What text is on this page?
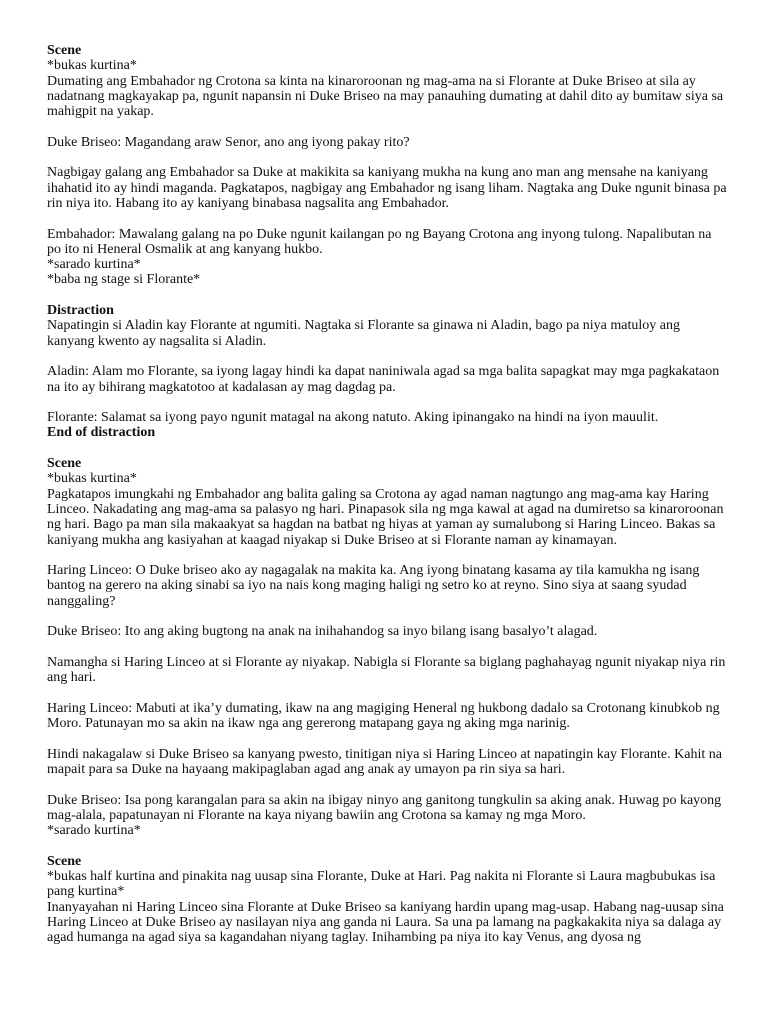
Scene
*bukas kurtina*
Dumating ang Embahador ng Crotona sa kinta na kinaroroonan ng mag-ama na si Florante at Duke Briseo at sila ay nadatnang magkayakap pa, ngunit napansin ni Duke Briseo na may panauhing dumating at dahil dito ay bumitaw siya sa mahigpit na yakap.
Duke Briseo: Magandang araw Senor, ano ang iyong pakay rito?
Nagbigay galang ang Embahador sa Duke at makikita sa kaniyang mukha na kung ano man ang mensahe na kaniyang ihahatid ito ay hindi maganda. Pagkatapos, nagbigay ang Embahador ng isang liham. Nagtaka ang Duke ngunit binasa pa rin niya ito. Habang ito ay kaniyang binabasa nagsalita ang Embahador.
Embahador: Mawalang galang na po Duke ngunit kailangan po ng Bayang Crotona ang inyong tulong. Napalibutan na po ito ni Heneral Osmalik at ang kanyang hukbo.
*sarado kurtina*
*baba ng stage si Florante*
Distraction
Napatingin si Aladin kay Florante at ngumiti. Nagtaka si Florante sa ginawa ni Aladin, bago pa niya matuloy ang kanyang kwento ay nagsalita si Aladin.
Aladin: Alam mo Florante, sa iyong lagay hindi ka dapat naniniwala agad sa mga balita sapagkat may mga pagkakataon na ito ay bihirang magkatotoo at kadalasan ay mag dagdag pa.
Florante: Salamat sa iyong payo ngunit matagal na akong natuto. Aking ipinangako na hindi na iyon mauulit.
End of distraction
Scene
*bukas kurtina*
Pagkatapos imungkahi ng Embahador ang balita galing sa Crotona ay agad naman nagtungo ang mag-ama kay Haring Linceo. Nakadating ang mag-ama sa palasyo ng hari. Pinapasok sila ng mga kawal at agad na dumiretso sa kinaroroonan ng hari. Bago pa man sila makaakyat sa hagdan na batbat ng hiyas at yaman ay sumalubong si Haring Linceo. Bakas sa kaniyang mukha ang kasiyahan at kaagad niyakap si Duke Briseo at si Florante naman ay kinamayan.
Haring Linceo: O Duke briseo ako ay nagagalak na makita ka. Ang iyong binatang kasama ay tila kamukha ng isang bantog na gerero na aking sinabi sa iyo na nais kong maging haligi ng setro ko at reyno. Sino siya at saang syudad nanggaling?
Duke Briseo: Ito ang aking bugtong na anak na inihahandog sa inyo bilang isang basalyo’t alagad.
Namangha si Haring Linceo at si Florante ay niyakap. Nabigla si Florante sa biglang paghahayag ngunit niyakap niya rin ang hari.
Haring Linceo: Mabuti at ika’y dumating, ikaw na ang magiging Heneral ng hukbong dadalo sa Crotonang kinubkob ng Moro. Patunayan mo sa akin na ikaw nga ang gererong matapang gaya ng aking mga narinig.
Hindi nakagalaw si Duke Briseo sa kanyang pwesto, tinitigan niya si Haring Linceo at napatingin kay Florante. Kahit na mapait para sa Duke na hayaang makipaglaban agad ang anak ay umayon pa rin siya sa hari.
Duke Briseo: Isa pong karangalan para sa akin na ibigay ninyo ang ganitong tungkulin sa aking anak. Huwag po kayong mag-alala, papatunayan ni Florante na kaya niyang bawiin ang Crotona sa kamay ng mga Moro.
*sarado kurtina*
Scene
*bukas half kurtina and pinakita nag uusap sina Florante, Duke at Hari. Pag nakita ni Florante si Laura magbubukas isa pang kurtina*
Inanyayahan ni Haring Linceo sina Florante at Duke Briseo sa kaniyang hardin upang mag-usap. Habang nag-uusap sina Haring Linceo at Duke Briseo ay nasilayan niya ang ganda ni Laura. Sa una pa lamang na pagkakakita niya sa dalaga ay agad humanga na agad siya sa kagandahan niyang taglay. Inihambing pa niya ito kay Venus, ang dyosa ng
